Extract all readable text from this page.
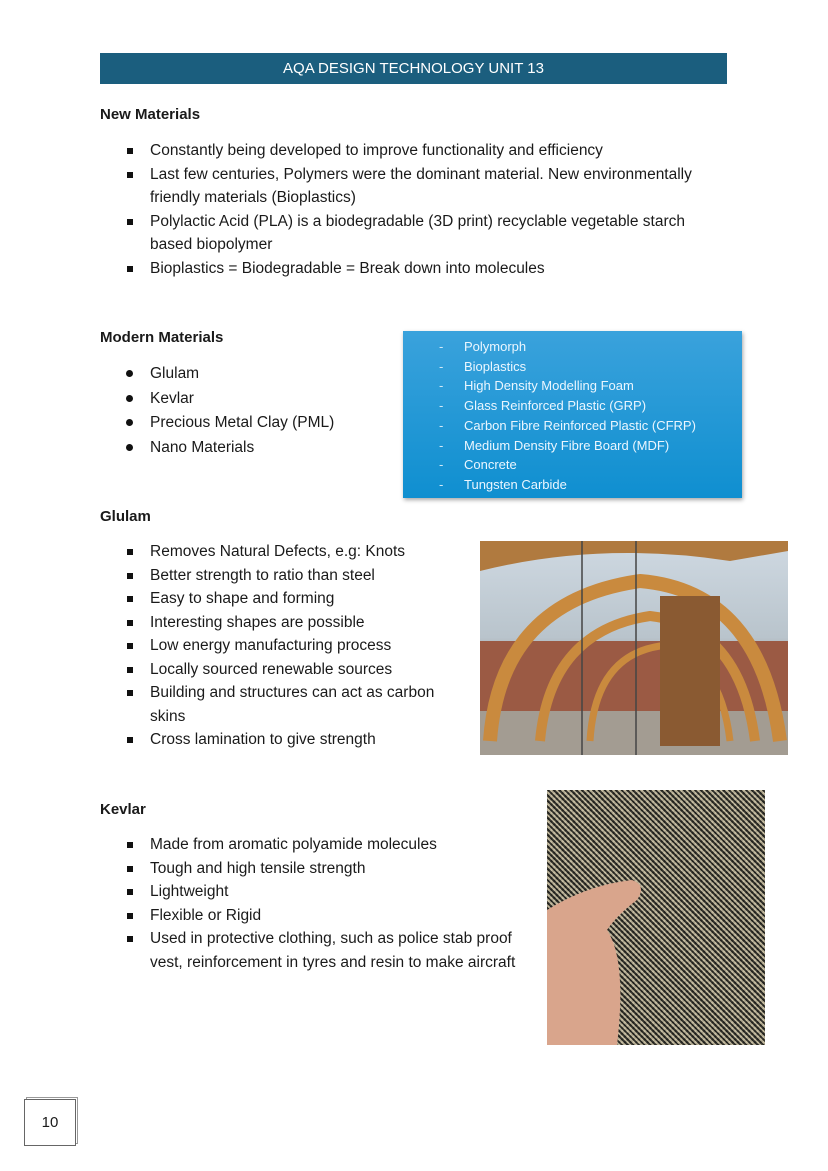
AQA DESIGN TECHNOLOGY UNIT 13
New Materials
Constantly being developed to improve functionality and efficiency
Last few centuries, Polymers were the dominant material. New environmentally friendly materials (Bioplastics)
Polylactic Acid (PLA) is a biodegradable (3D print) recyclable vegetable starch based biopolymer
Bioplastics = Biodegradable = Break down into molecules
Modern Materials
Glulam
Kevlar
Precious Metal Clay (PML)
Nano Materials
- Polymorph
- Bioplastics
- High Density Modelling Foam
- Glass Reinforced Plastic (GRP)
- Carbon Fibre Reinforced Plastic (CFRP)
- Medium Density Fibre Board (MDF)
- Concrete
- Tungsten Carbide
Glulam
Removes Natural Defects, e.g: Knots
Better strength to ratio than steel
Easy to shape and forming
Interesting shapes are possible
Low energy manufacturing process
Locally sourced renewable sources
Building and structures can act as carbon skins
Cross lamination to give strength
Kevlar
Made from aromatic polyamide molecules
Tough and high tensile strength
Lightweight
Flexible or Rigid
Used in protective clothing, such as police stab proof vest, reinforcement in tyres and resin to make aircraft
10
